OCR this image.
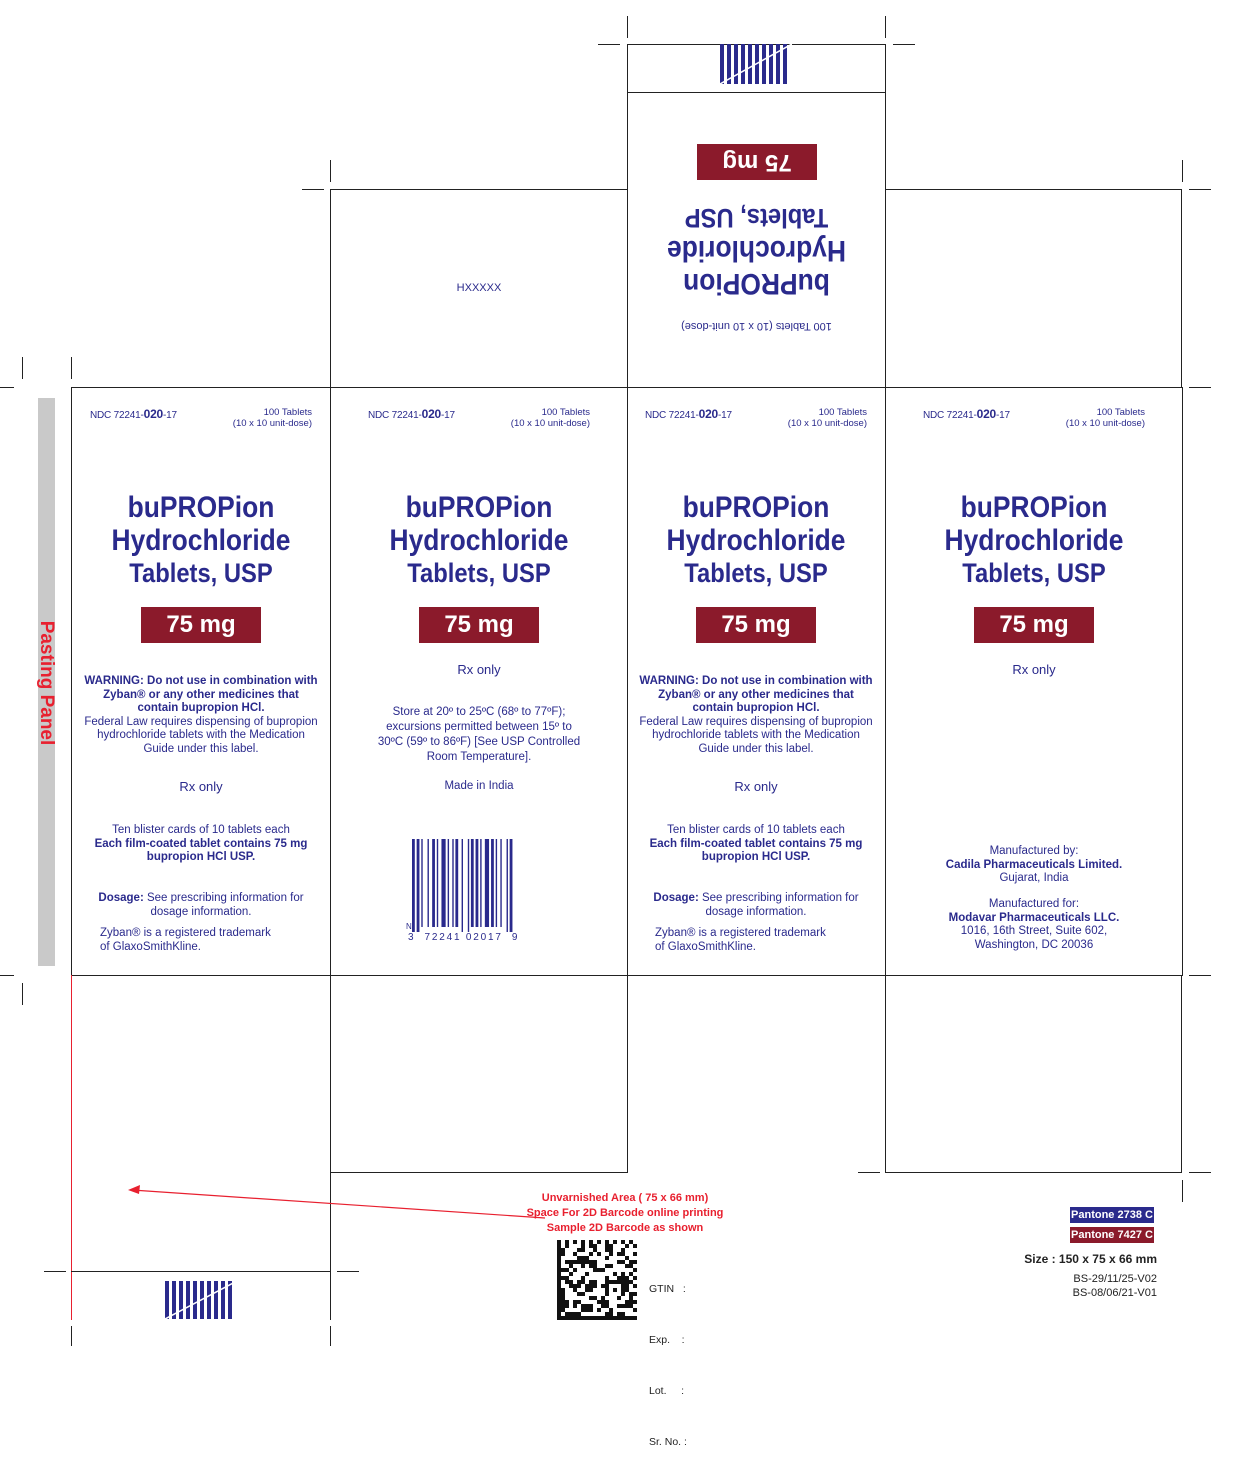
100 Tablets (10 x 10 unit-dose)
buPROPion
Hydrochloride
Tablets, USP
75 mg
HXXXXX
Pasting Panel
NDC 72241-020-17	100 Tablets
(10 x 10 unit-dose)
buPROPion
Hydrochloride
Tablets, USP
75 mg
WARNING: Do not use in combination with Zyban® or any other medicines that contain bupropion HCl.
Federal Law requires dispensing of bupropion hydrochloride tablets with the Medication Guide under this label.
Rx only
Ten blister cards of 10 tablets each
Each film-coated tablet contains 75 mg bupropion HCl USP.
Dosage: See prescribing information for dosage information.
Zyban® is a registered trademark of GlaxoSmithKline.
NDC 72241-020-17	100 Tablets
(10 x 10 unit-dose)
buPROPion
Hydrochloride
Tablets, USP
75 mg
Rx only
Store at 20º to 25ºC (68º to 77ºF); excursions permitted between 15º to 30ºC (59º to 86ºF) [See USP Controlled Room Temperature].
Made in India
N
3  72241 02017  9
NDC 72241-020-17	100 Tablets
(10 x 10 unit-dose)
buPROPion
Hydrochloride
Tablets, USP
75 mg
WARNING: Do not use in combination with Zyban® or any other medicines that contain bupropion HCl.
Federal Law requires dispensing of bupropion hydrochloride tablets with the Medication Guide under this label.
Rx only
Ten blister cards of 10 tablets each
Each film-coated tablet contains 75 mg bupropion HCl USP.
Dosage: See prescribing information for dosage information.
Zyban® is a registered trademark of GlaxoSmithKline.
NDC 72241-020-17	100 Tablets
(10 x 10 unit-dose)
buPROPion
Hydrochloride
Tablets, USP
75 mg
Rx only
Manufactured by:
Cadila Pharmaceuticals Limited.
Gujarat, India
Manufactured for:
Modavar Pharmaceuticals LLC.
1016, 16th Street, Suite 602,
Washington, DC 20036
Unvarnished Area ( 75 x 66 mm)
Space For 2D Barcode online printing
Sample 2D Barcode as shown

GTIN   :

Exp.    :

Lot.     :

Sr. No. :

Pantone 2738 C
Pantone 7427 C
Size : 150 x 75 x 66 mm
BS-29/11/25-V02
BS-08/06/21-V01
